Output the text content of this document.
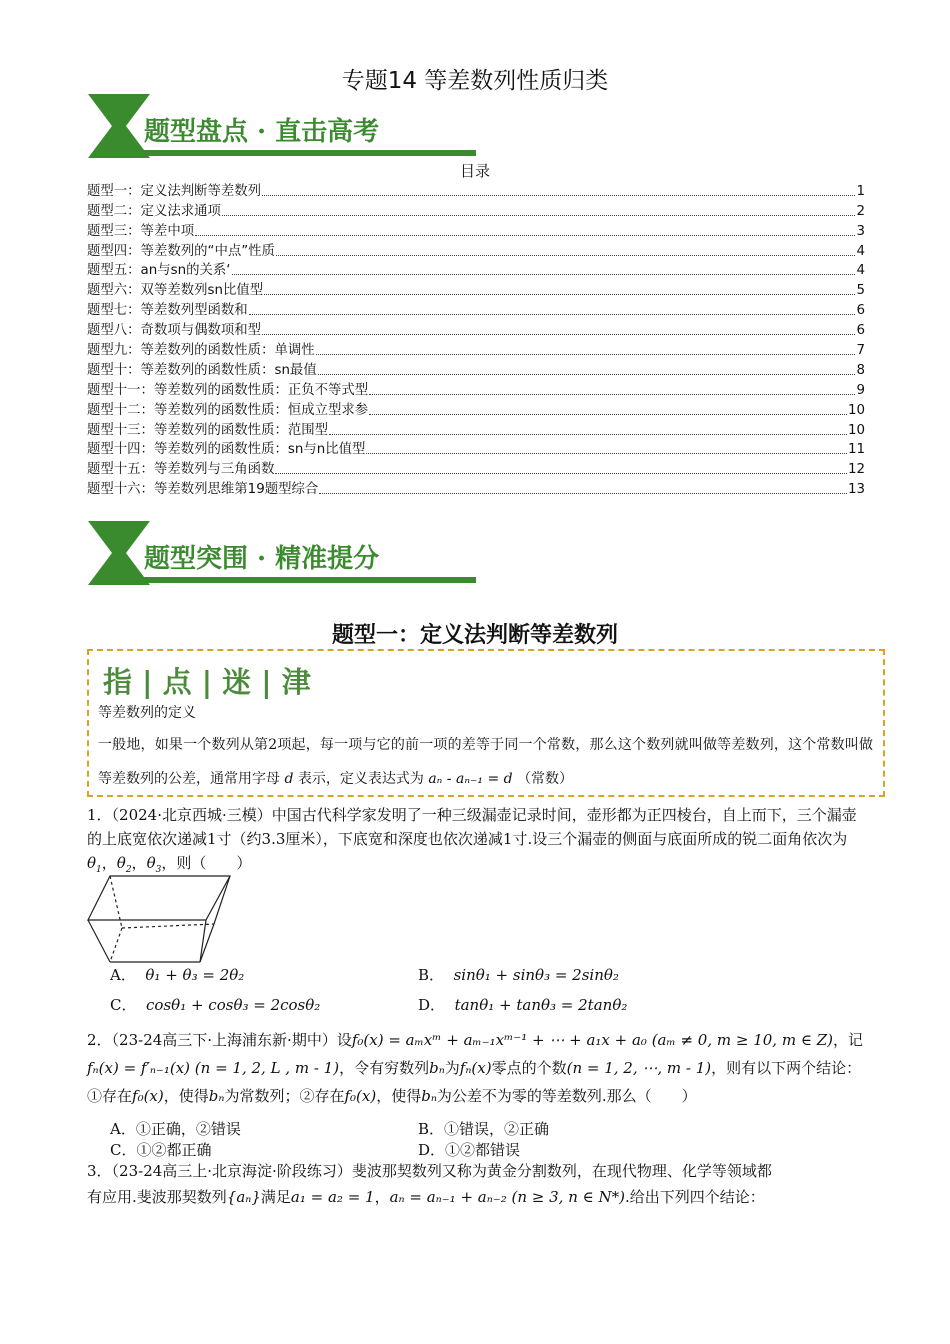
专题14 等差数列性质归类
题型盘点 · 直击高考
目录
题型一：定义法判断等差数列	1
题型二：定义法求通项	2
题型三：等差中项	3
题型四：等差数列的“中点”性质	4
题型五：an与sn的关系‘	4
题型六：双等差数列sn比值型	5
题型七：等差数列型函数和	6
题型八：奇数项与偶数项和型	6
题型九：等差数列的函数性质：单调性	7
题型十：等差数列的函数性质：sn最值	8
题型十一：等差数列的函数性质：正负不等式型	9
题型十二：等差数列的函数性质：恒成立型求参	10
题型十三：等差数列的函数性质：范围型	10
题型十四：等差数列的函数性质：sn与n比值型	11
题型十五：等差数列与三角函数	12
题型十六：等差数列思维第19题型综合	13
题型突围 · 精准提分
题型一：定义法判断等差数列
指 | 点 | 迷 | 津
等差数列的定义
一般地，如果一个数列从第2项起，每一项与它的前一项的差等于同一个常数，那么这个数列就叫做等差数列，这个常数叫做等差数列的公差，通常用字母 d 表示，定义表达式为 aₙ - aₙ₋₁ = d （常数）
1．（2024·北京西城·三模）中国古代科学家发明了一种三级漏壶记录时间，壶形都为正四棱台，自上而下，三个漏壶的上底宽依次递减1寸（约3.3厘米），下底宽和深度也依次递减1寸.设三个漏壶的侧面与底面所成的锐二面角依次为$\theta_1$，$\theta_2$，$\theta_3$，则（　　）
A． θ₁ + θ₃ = 2θ₂	B． sinθ₁ + sinθ₃ = 2sinθ₂
C． cosθ₁ + cosθ₃ = 2cosθ₂	D． tanθ₁ + tanθ₃ = 2tanθ₂
2．（23-24高三下·上海浦东新·期中）设f₀(x) = aₘxᵐ + aₘ₋₁xᵐ⁻¹ + ⋯ + a₁x + a₀ (aₘ ≠ 0, m ≥ 10, m ∈ Z)，记
fₙ(x) = f′ₙ₋₁(x) (n = 1, 2, L , m - 1)，令有穷数列bₙ为fₙ(x)零点的个数(n = 1, 2, ⋯, m - 1)，则有以下两个结论：
①存在f₀(x)，使得bₙ为常数列；②存在f₀(x)，使得bₙ为公差不为零的等差数列.那么（　　）
A．①正确，②错误	B．①错误，②正确
C．①②都正确	D．①②都错误
3．（23-24高三上·北京海淀·阶段练习）斐波那契数列又称为黄金分割数列，在现代物理、化学等领域都
有应用.斐波那契数列{aₙ}满足a₁ = a₂ = 1，aₙ = aₙ₋₁ + aₙ₋₂ (n ≥ 3, n ∈ N*).给出下列四个结论：
